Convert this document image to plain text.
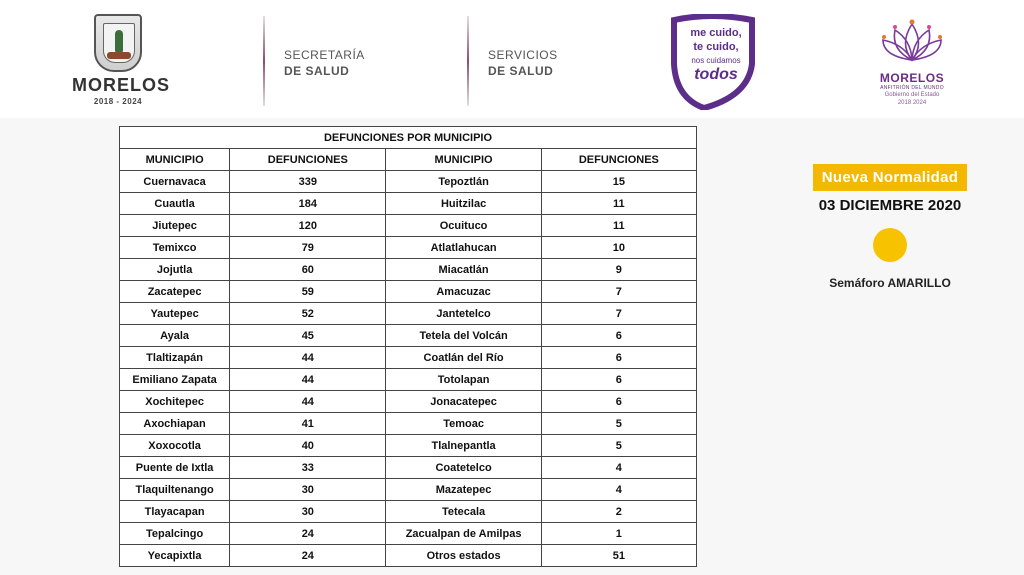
MORELOS
2018 - 2024
SECRETARÍA
DE SALUD
SERVICIOS
DE SALUD
me cuido,
te cuido,
nos cuidamos
todos	MORELOS
ANFITRIÓN DEL MUNDO
Gobierno del Estado
2018 2024
DEFUNCIONES POR MUNICIPIO			
MUNICIPIO	DEFUNCIONES	MUNICIPIO	DEFUNCIONES
Cuernavaca	339	Tepoztlán	15
Cuautla	184	Huitzilac	11
Jiutepec	120	Ocuituco	11
Temixco	79	Atlatlahucan	10
Jojutla	60	Miacatlán	9
Zacatepec	59	Amacuzac	7
Yautepec	52	Jantetelco	7
Ayala	45	Tetela del Volcán	6
Tlaltizapán	44	Coatlán del Río	6
Emiliano Zapata	44	Totolapan	6
Xochitepec	44	Jonacatepec	6
Axochiapan	41	Temoac	5
Xoxocotla	40	Tlalnepantla	5
Puente de Ixtla	33	Coatetelco	4
Tlaquiltenango	30	Mazatepec	4
Tlayacapan	30	Tetecala	2
Tepalcingo	24	Zacualpan de Amilpas	1
Yecapixtla	24	Otros estados	51
Nueva Normalidad
03 DICIEMBRE 2020
Semáforo AMARILLO
